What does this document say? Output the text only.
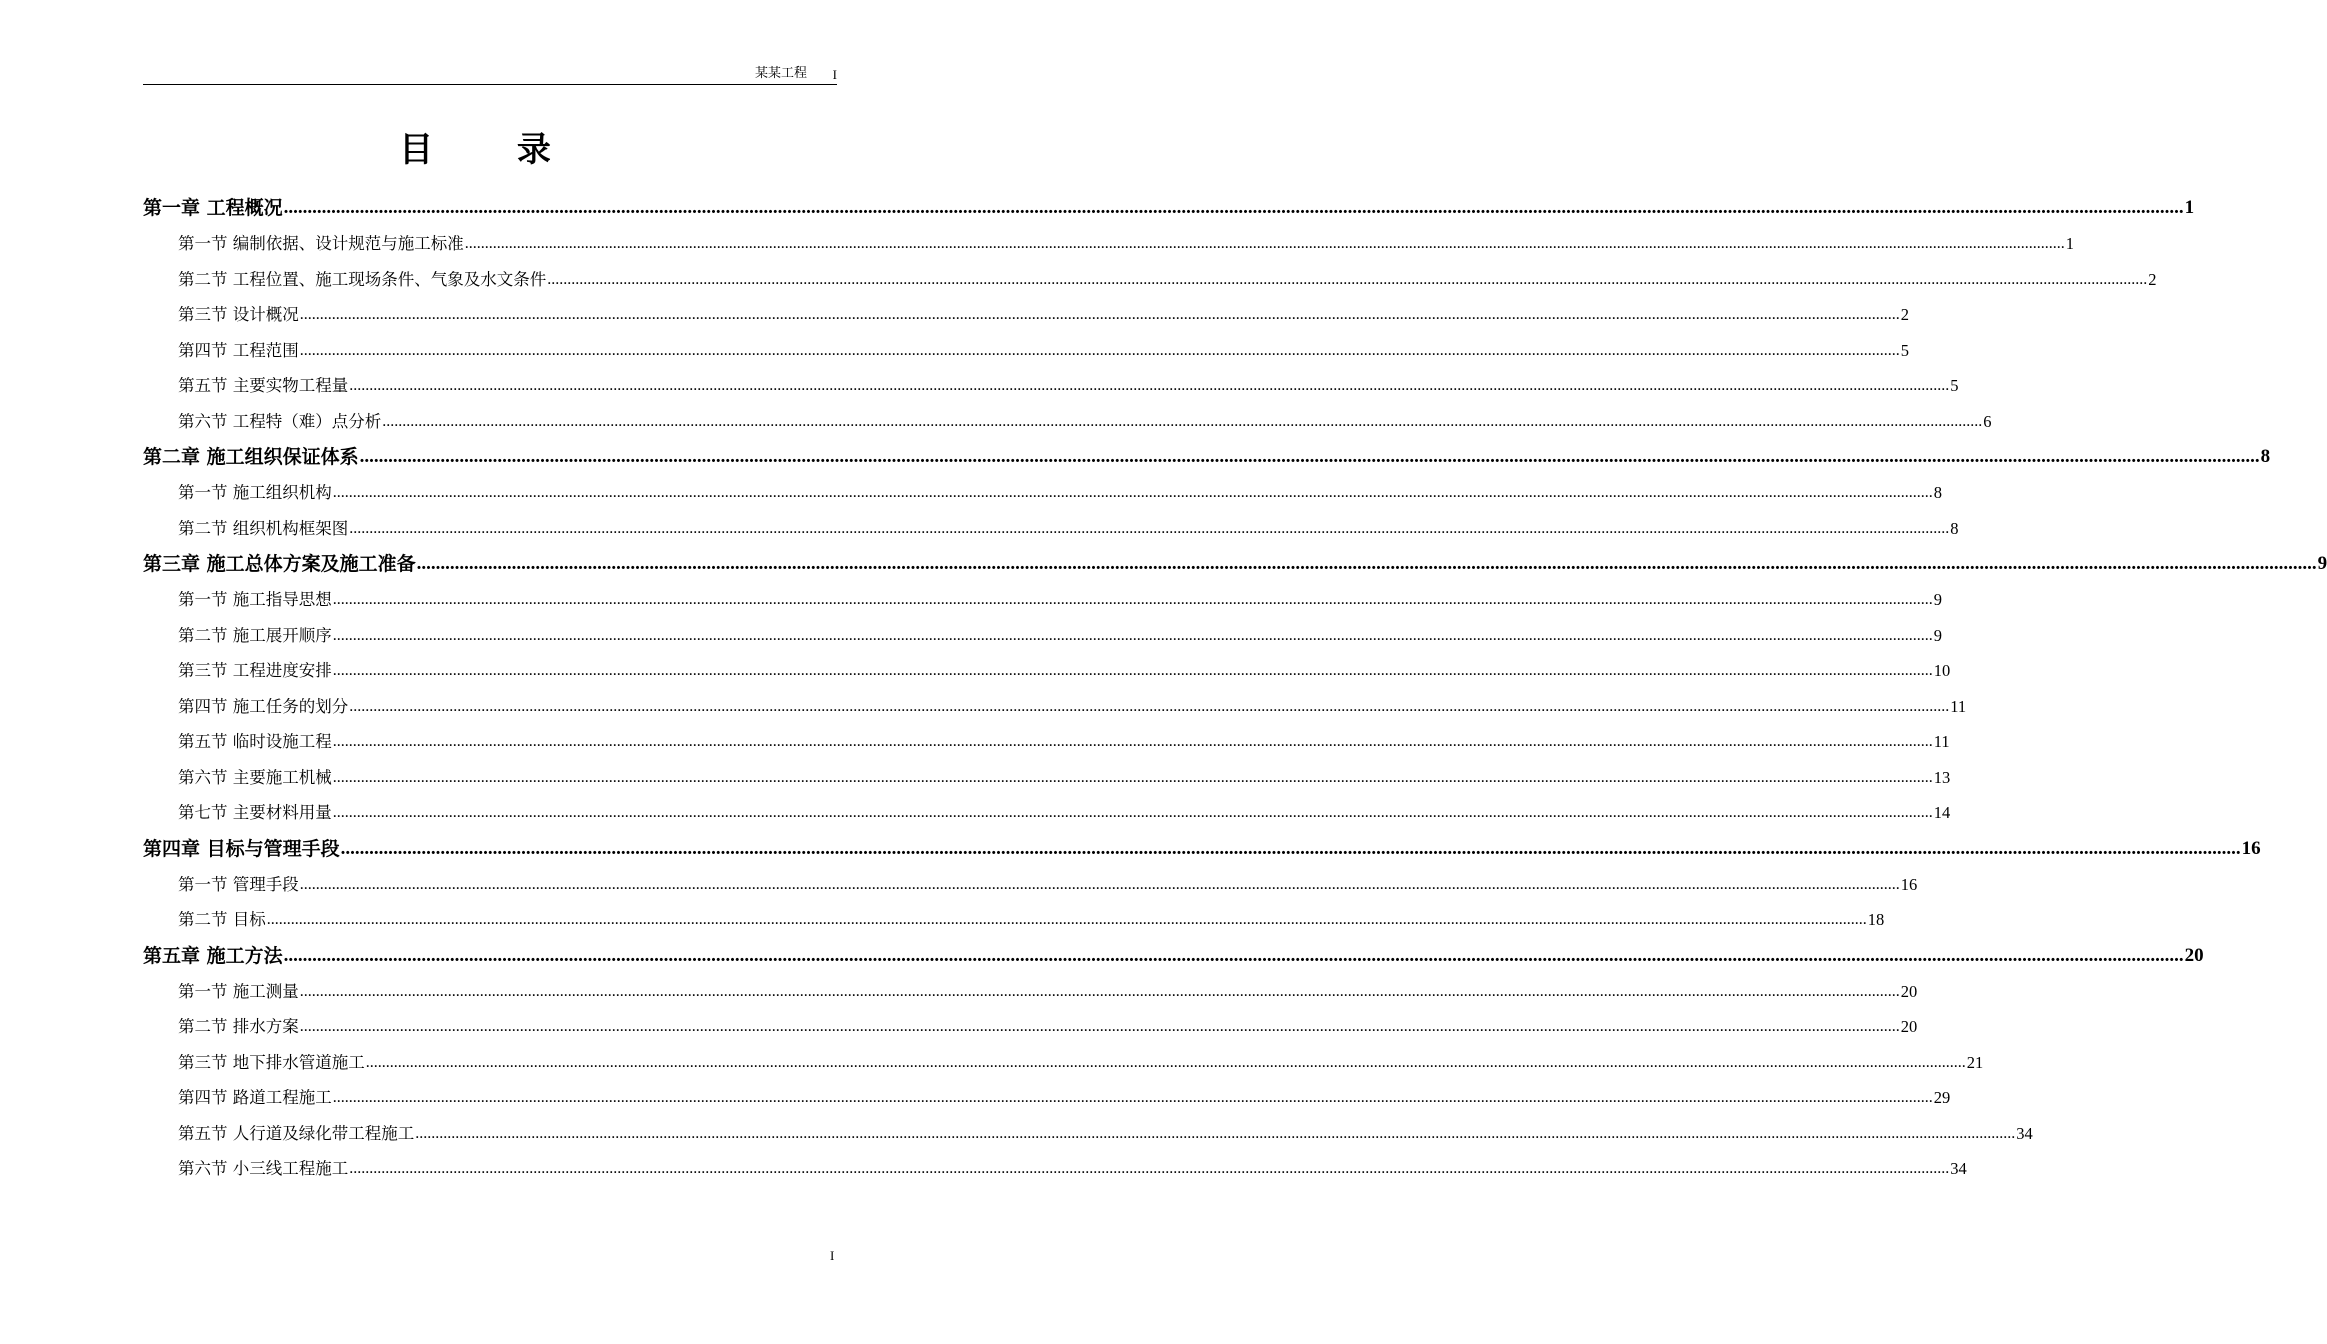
某某工程 I
目 录
第一章 工程概况 ................................................................................................................................................................................................................................................................................................................................................................................................................ 1
第一节 编制依据、设计规范与施工标准 ................................................................................................................................................................................................................................................................................................................................................................................................................ 1
第二节 工程位置、施工现场条件、气象及水文条件 ................................................................................................................................................................................................................................................................................................................................................................................................................ 2
第三节 设计概况 ................................................................................................................................................................................................................................................................................................................................................................................................................ 2
第四节 工程范围 ................................................................................................................................................................................................................................................................................................................................................................................................................ 5
第五节 主要实物工程量 ................................................................................................................................................................................................................................................................................................................................................................................................................ 5
第六节 工程特（难）点分析 ................................................................................................................................................................................................................................................................................................................................................................................................................ 6
第二章 施工组织保证体系 ................................................................................................................................................................................................................................................................................................................................................................................................................ 8
第一节 施工组织机构 ................................................................................................................................................................................................................................................................................................................................................................................................................ 8
第二节 组织机构框架图 ................................................................................................................................................................................................................................................................................................................................................................................................................ 8
第三章 施工总体方案及施工准备 ................................................................................................................................................................................................................................................................................................................................................................................................................ 9
第一节 施工指导思想 ................................................................................................................................................................................................................................................................................................................................................................................................................ 9
第二节 施工展开顺序 ................................................................................................................................................................................................................................................................................................................................................................................................................ 9
第三节 工程进度安排 ................................................................................................................................................................................................................................................................................................................................................................................................................ 10
第四节 施工任务的划分 ................................................................................................................................................................................................................................................................................................................................................................................................................ 11
第五节 临时设施工程 ................................................................................................................................................................................................................................................................................................................................................................................................................ 11
第六节 主要施工机械 ................................................................................................................................................................................................................................................................................................................................................................................................................ 13
第七节 主要材料用量 ................................................................................................................................................................................................................................................................................................................................................................................................................ 14
第四章 目标与管理手段 ................................................................................................................................................................................................................................................................................................................................................................................................................ 16
第一节 管理手段 ................................................................................................................................................................................................................................................................................................................................................................................................................ 16
第二节 目标 ................................................................................................................................................................................................................................................................................................................................................................................................................ 18
第五章 施工方法 ................................................................................................................................................................................................................................................................................................................................................................................................................ 20
第一节 施工测量 ................................................................................................................................................................................................................................................................................................................................................................................................................ 20
第二节 排水方案 ................................................................................................................................................................................................................................................................................................................................................................................................................ 20
第三节 地下排水管道施工 ................................................................................................................................................................................................................................................................................................................................................................................................................ 21
第四节 路道工程施工 ................................................................................................................................................................................................................................................................................................................................................................................................................ 29
第五节 人行道及绿化带工程施工 ................................................................................................................................................................................................................................................................................................................................................................................................................ 34
第六节 小三线工程施工 ................................................................................................................................................................................................................................................................................................................................................................................................................ 34
I
